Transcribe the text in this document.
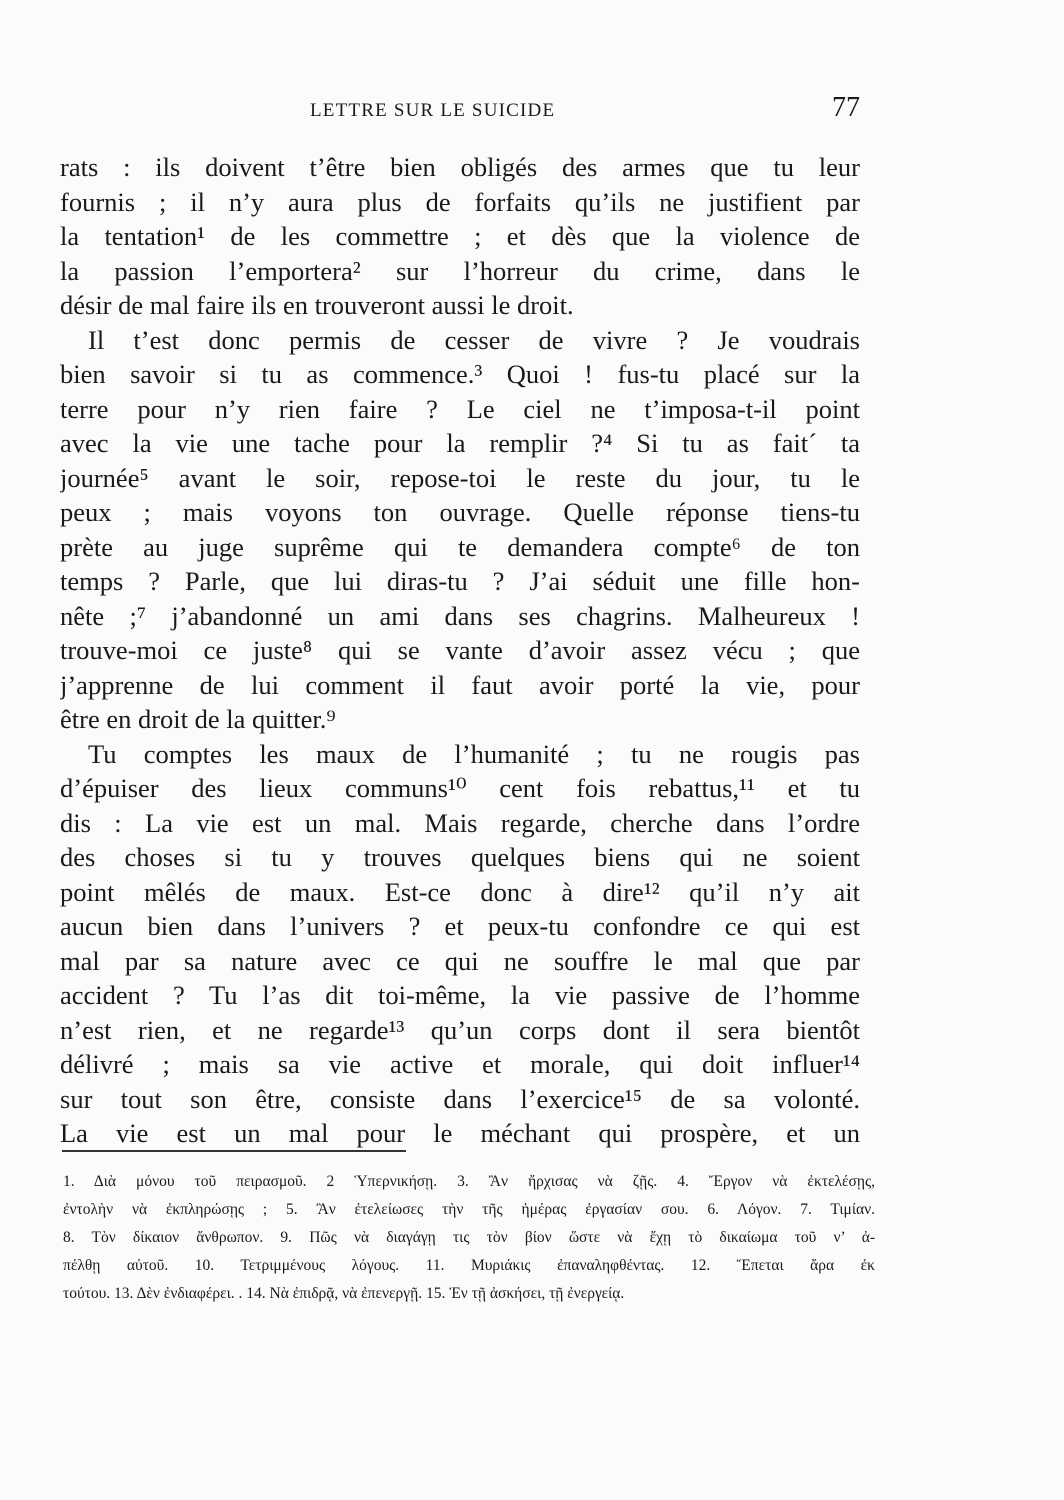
LETTRE SUR LE SUICIDE	77
rats : ils doivent t’être bien obligés des armes que tu leur
fournis ; il n’y aura plus de forfaits qu’ils ne justifient par
la tentation¹ de les commettre ; et dès que la violence de
la passion l’emportera² sur l’horreur du crime, dans le
désir de mal faire ils en trouveront aussi le droit.
Il t’est donc permis de cesser de vivre ? Je voudrais
bien savoir si tu as commence.³ Quoi ! fus-tu placé sur la
terre pour n’y rien faire ? Le ciel ne t’imposa-t-il point
avec la vie une tache pour la remplir ?⁴ Si tu as fait´ ta
journée⁵ avant le soir, repose-toi le reste du jour, tu le
peux ; mais voyons ton ouvrage. Quelle réponse tiens-tu
prète au juge suprême qui te demandera compte⁶ de ton
temps ? Parle, que lui diras-tu ? J’ai séduit une fille hon-
nête ;⁷ j’abandonné un ami dans ses chagrins. Malheureux !
trouve-moi ce juste⁸ qui se vante d’avoir assez vécu ; que
j’apprenne de lui comment il faut avoir porté la vie, pour
être en droit de la quitter.⁹
Tu comptes les maux de l’humanité ; tu ne rougis pas
d’épuiser des lieux communs¹⁰ cent fois rebattus,¹¹ et tu
dis : La vie est un mal. Mais regarde, cherche dans l’ordre
des choses si tu y trouves quelques biens qui ne soient
point mêlés de maux. Est-ce donc à dire¹² qu’il n’y ait
aucun bien dans l’univers ? et peux-tu confondre ce qui est
mal par sa nature avec ce qui ne souffre le mal que par
accident ? Tu l’as dit toi-même, la vie passive de l’homme
n’est rien, et ne regarde¹³ qu’un corps dont il sera bientôt
délivré ; mais sa vie active et morale, qui doit influer¹⁴
sur tout son être, consiste dans l’exercice¹⁵ de sa volonté.
La vie est un mal pour le méchant qui prospère, et un
1. Διὰ μόνου τοῦ πειρασμοῦ. 2 Ὑπερνικήσῃ. 3. Ἂν ἤρχισας νὰ ζῇς. 4. Ἔργον νὰ ἐκτελέσῃς,
ἐντολὴν νὰ ἐκπληρώσῃς ; 5. Ἂν ἐτελείωσες τὴν τῆς ἡμέρας ἐργασίαν σου. 6. Λόγον. 7. Τιμίαν.
8. Τὸν δίκαιον ἄνθρωπον. 9. Πῶς νὰ διαγάγῃ τις τὸν βίον ὥστε νὰ ἔχῃ τὸ δικαίωμα τοῦ ν’ ἀ-
πέλθῃ αὐτοῦ. 10. Τετριμμένους λόγους. 11. Μυριάκις ἐπαναληφθέντας. 12. Ἕπεται ἄρα ἐκ
τούτου. 13. Δὲν ἐνδιαφέρει. . 14. Νὰ ἐπιδρᾷ, νὰ ἐπενεργῇ. 15. Ἐν τῇ ἀσκήσει, τῇ ἐνεργείᾳ.
